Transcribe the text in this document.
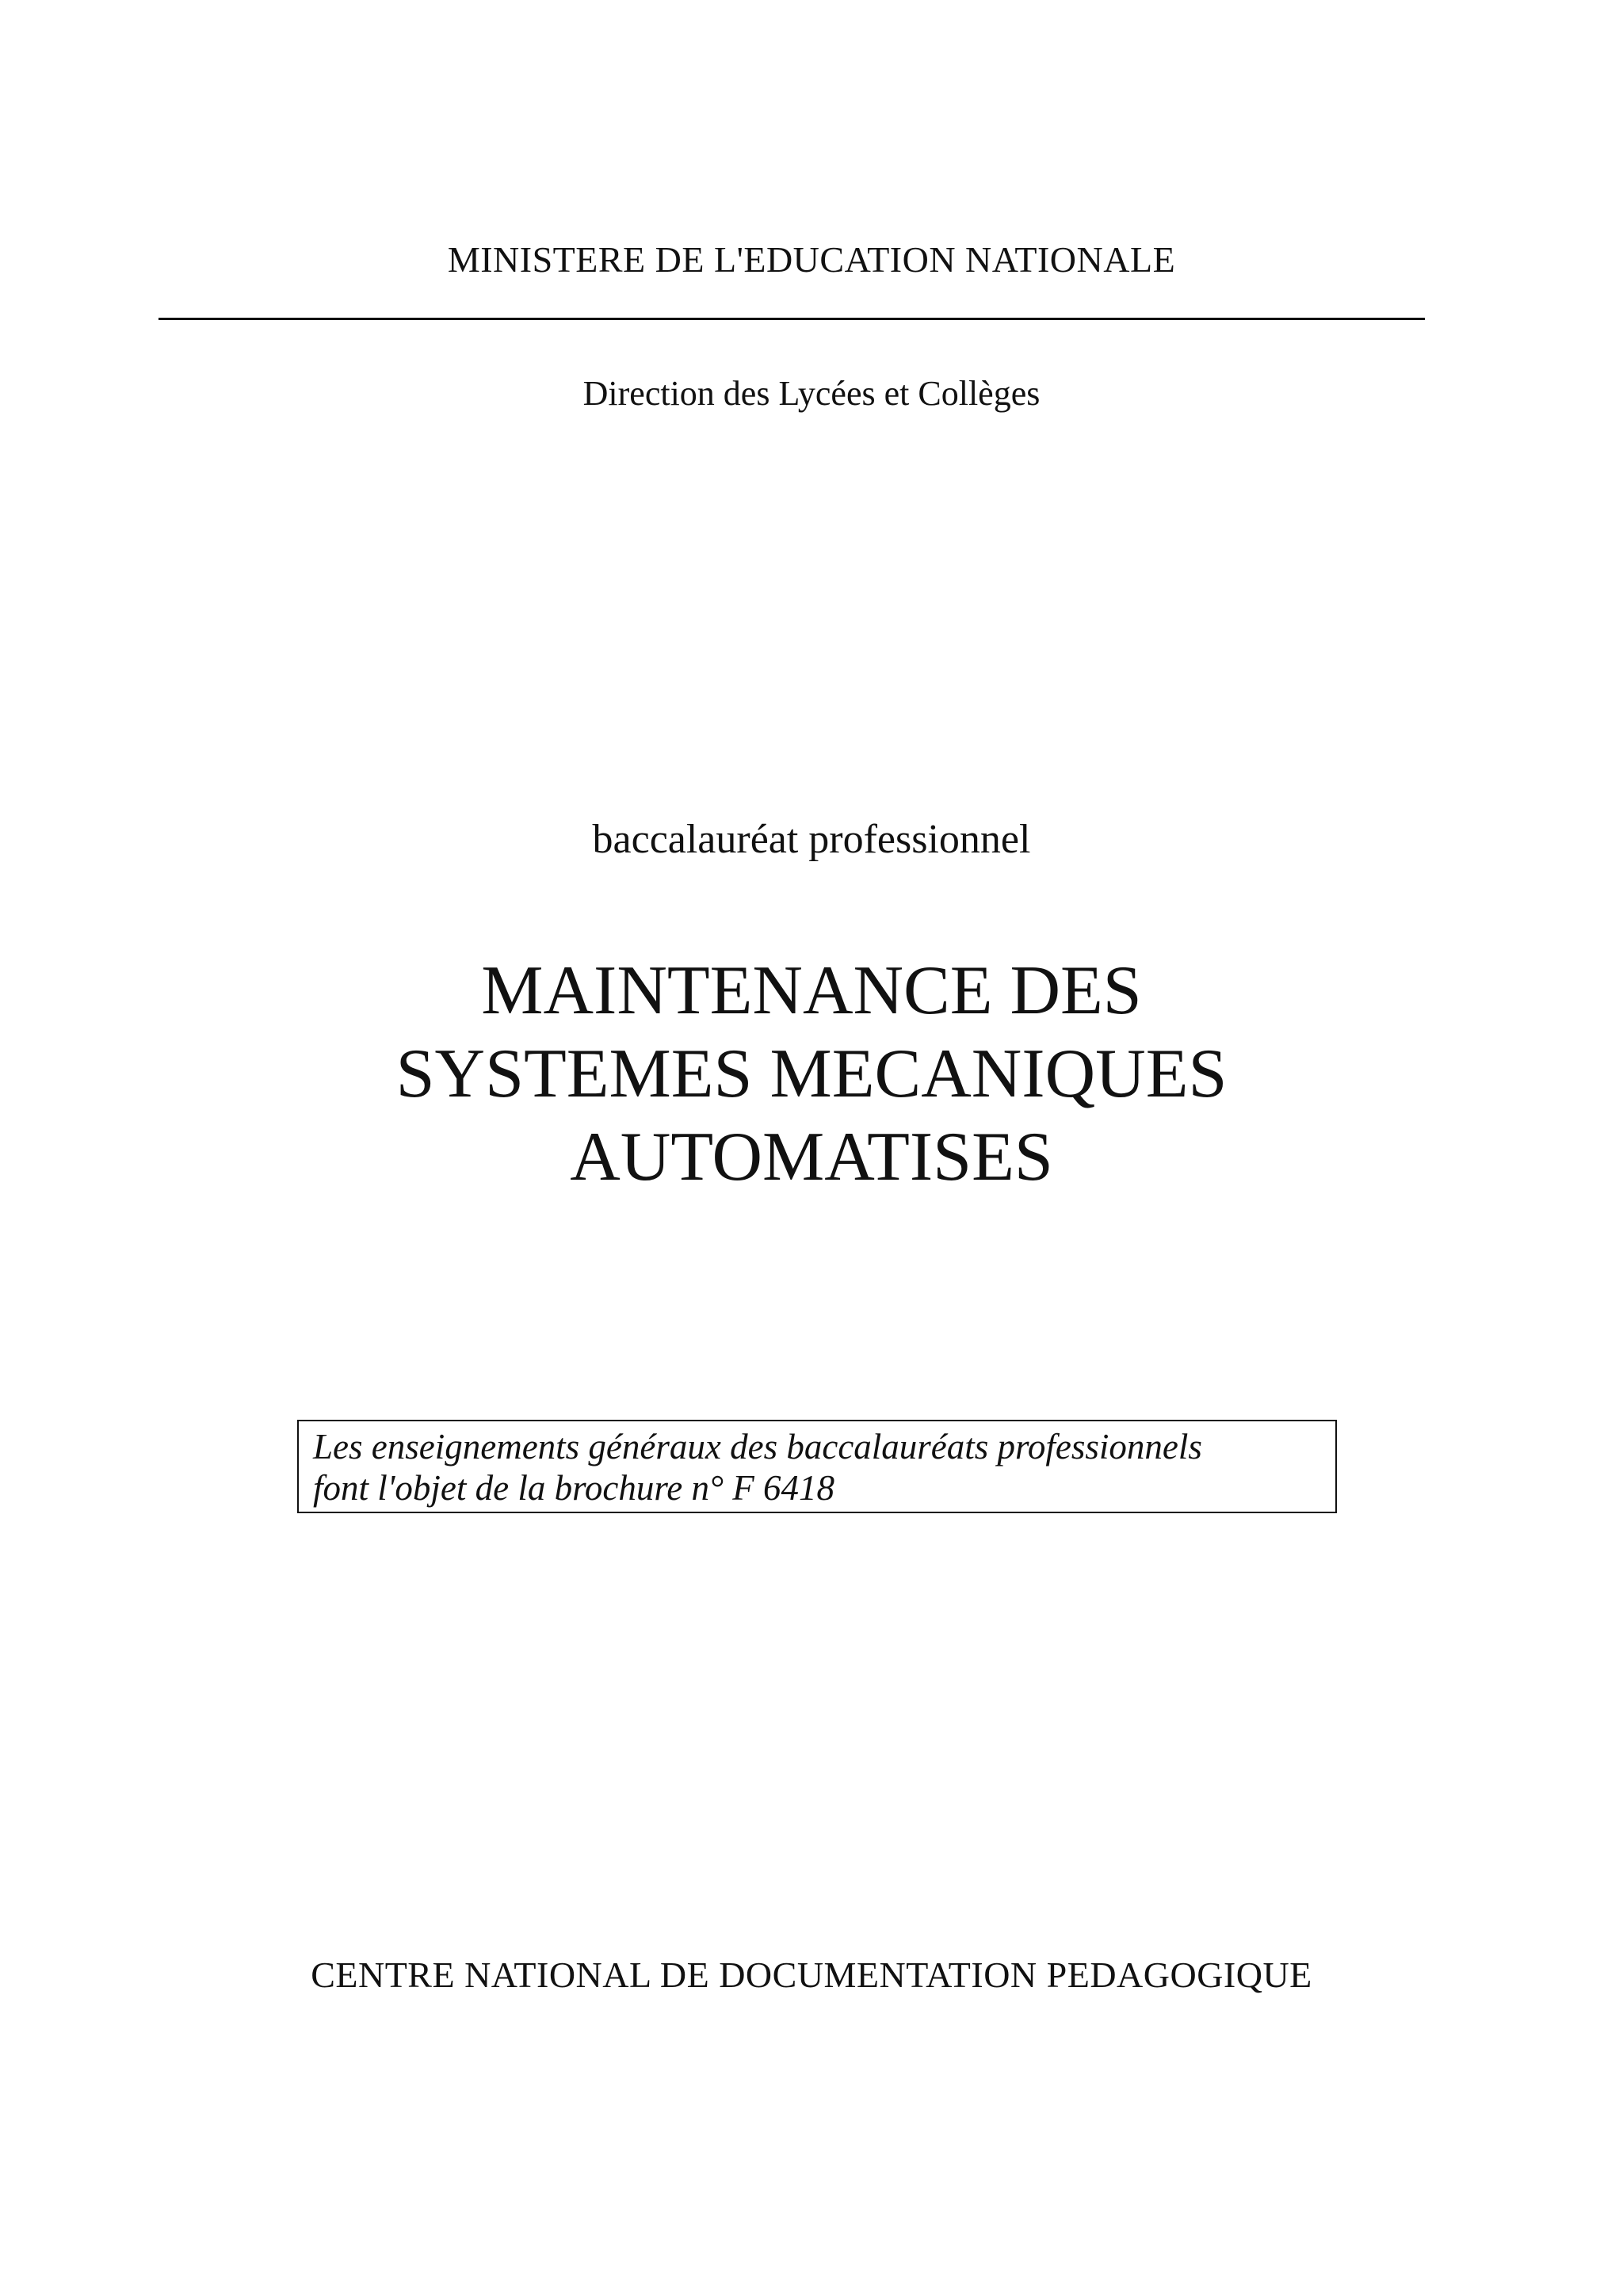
MINISTERE DE L'EDUCATION NATIONALE
Direction des Lycées et Collèges
baccalauréat professionnel
MAINTENANCE DES
SYSTEMES MECANIQUES
AUTOMATISES
Les enseignements généraux des baccalauréats professionnels
font l'objet de la brochure n° F 6418
CENTRE NATIONAL DE DOCUMENTATION PEDAGOGIQUE
